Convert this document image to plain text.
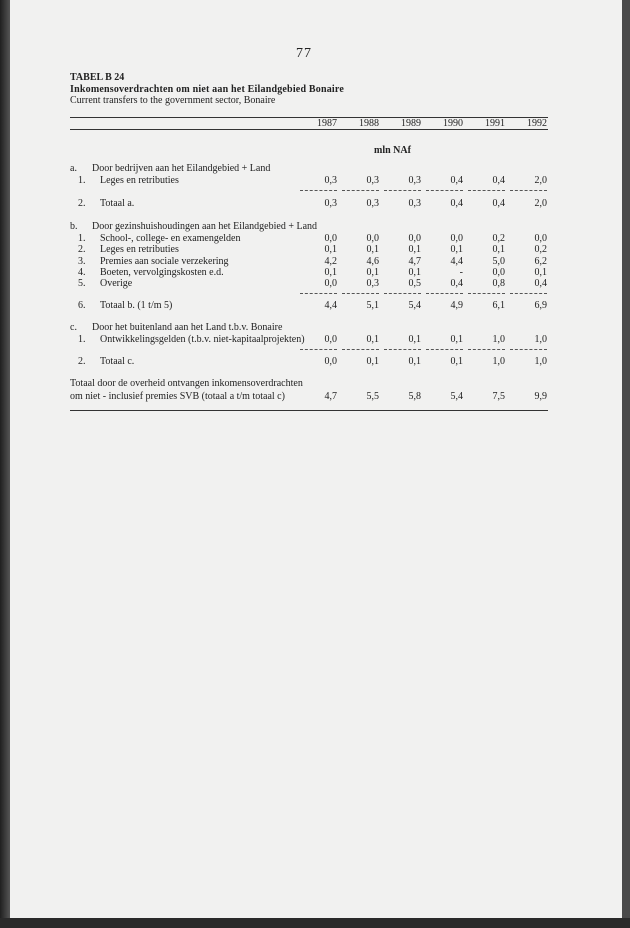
77
TABEL B 24
Inkomensoverdrachten om niet aan het Eilandgebied Bonaire
Current transfers to the government sector, Bonaire
1987	1988	1989	1990	1991	1992
mln NAf
a. Door bedrijven aan het Eilandgebied + Land
1. Leges en retributies	0,3	0,3	0,3	0,4	0,4	2,0
2. Totaal a.	0,3	0,3	0,3	0,4	0,4	2,0
b. Door gezinshuishoudingen aan het Eilandgebied + Land
1. School-, college- en examengelden	0,0	0,0	0,0	0,0	0,2	0,0
2. Leges en retributies	0,1	0,1	0,1	0,1	0,1	0,2
3. Premies aan sociale verzekering	4,2	4,6	4,7	4,4	5,0	6,2
4. Boeten, vervolgingskosten e.d.	0,1	0,1	0,1	-	0,0	0,1
5. Overige	0,0	0,3	0,5	0,4	0,8	0,4
6. Totaal b. (1 t/m 5)	4,4	5,1	5,4	4,9	6,1	6,9
c. Door het buitenland aan het Land t.b.v. Bonaire
1. Ontwikkelingsgelden (t.b.v. niet-kapitaalprojekten)	0,0	0,1	0,1	0,1	1,0	1,0
2. Totaal c.	0,0	0,1	0,1	0,1	1,0	1,0
Totaal door de overheid ontvangen inkomensoverdrachten
om niet - inclusief premies SVB (totaal a t/m totaal c)	4,7	5,5	5,8	5,4	7,5	9,9
